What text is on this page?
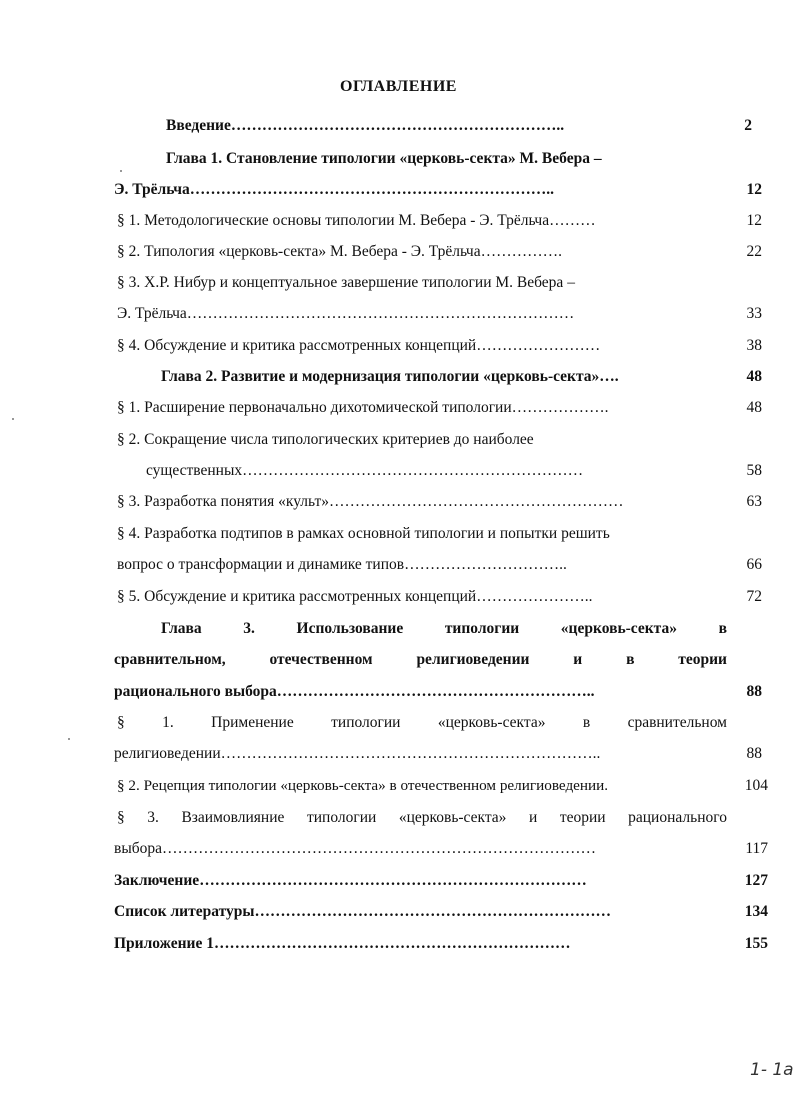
ОГЛАВЛЕНИЕ
Введение………………………………………………………..	2
Глава 1. Становление типологии «церковь-секта» М. Вебера –
Э. Трёльча……………………………………………………………..	12
§ 1. Методологические основы типологии М. Вебера - Э. Трёльча………	12
§ 2. Типология «церковь-секта» М. Вебера - Э. Трёльча…………….	22
§ 3. Х.Р. Нибур и концептуальное завершение типологии М. Вебера –
Э. Трёльча…………………………………………………………………	33
§ 4. Обсуждение и критика рассмотренных концепций……………………	38
Глава 2. Развитие и модернизация типологии «церковь-секта»….	48
§ 1. Расширение первоначально дихотомической типологии……………….	48
§ 2. Сокращение числа типологических критериев до наиболее
существенных…………………………………………………………	58
§ 3. Разработка понятия «культ»…………………………………………………	63
§ 4. Разработка подтипов в рамках основной типологии и попытки решить
вопрос о трансформации и динамике типов…………………………..	66
§ 5. Обсуждение и критика рассмотренных концепций…………………..	72
Глава	3.	Использование	типологии	«церковь-секта»	в
сравнительном,	отечественном	религиоведении	и	в	теории
рационального выбора……………………………………………………..	88
§ 1. Применение типологии «церковь-секта» в сравнительном
религиоведении………………………………………………………………..	88
§ 2. Рецепция типологии «церковь-секта» в отечественном религиоведении.	104
§ 3. Взаимовлияние типологии «церковь-секта» и теории рационального
выбора…………………………………………………………………………	117
Заключение…………………………………………………………………	127
Список литературы……………………………………………………………	134
Приложение 1……………………………………………………………	155
1- 1a
